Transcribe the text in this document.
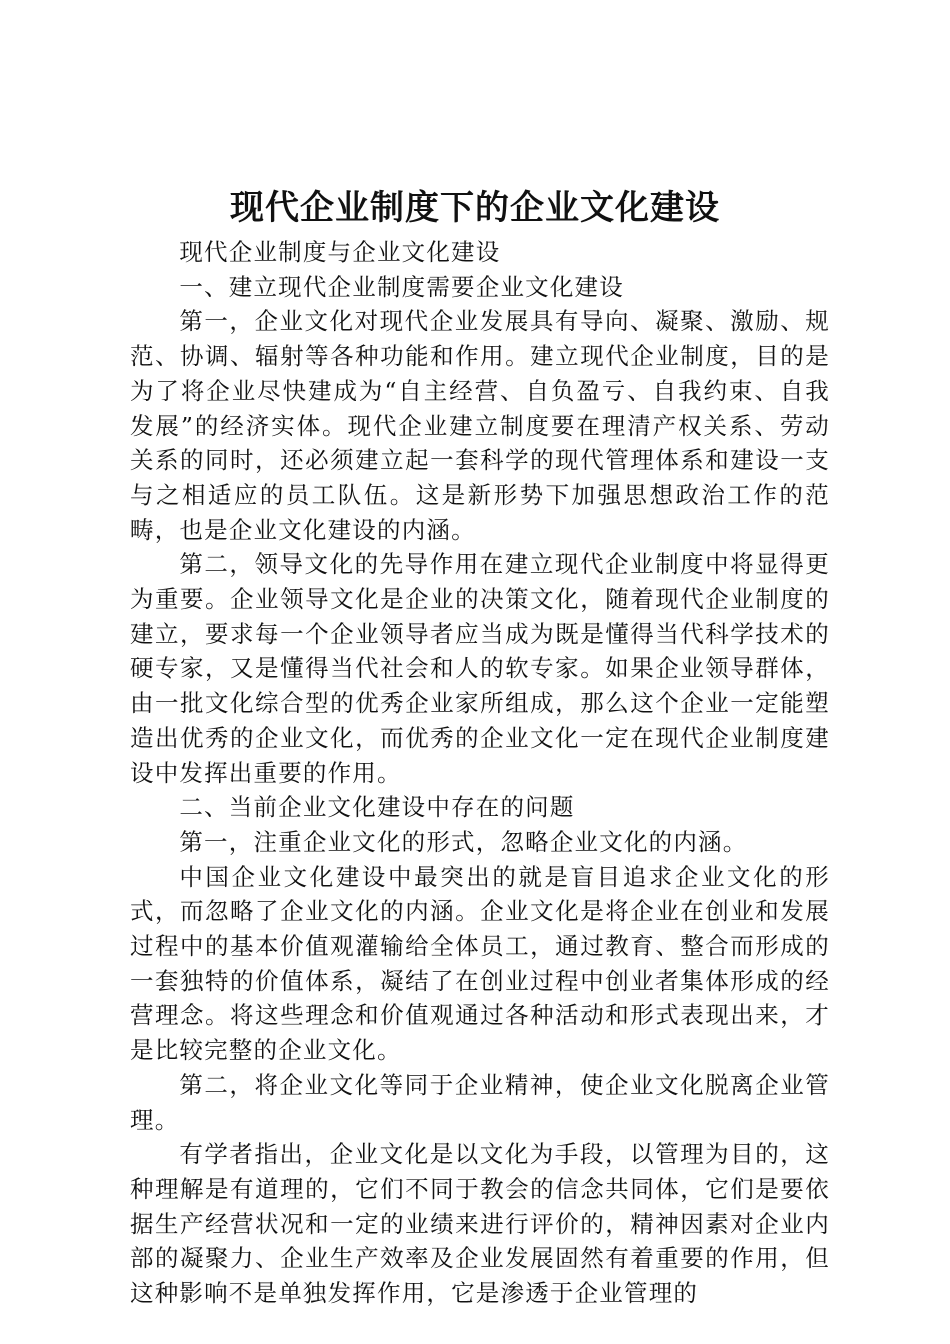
现代企业制度下的企业文化建设

现代企业制度与企业文化建设

一、建立现代企业制度需要企业文化建设

第一，企业文化对现代企业发展具有导向、凝聚、激励、规范、协调、辐射等各种功能和作用。建立现代企业制度，目的是为了将企业尽快建成为“自主经营、自负盈亏、自我约束、自我发展”的经济实体。现代企业建立制度要在理清产权关系、劳动关系的同时，还必须建立起一套科学的现代管理体系和建设一支与之相适应的员工队伍。这是新形势下加强思想政治工作的范畴，也是企业文化建设的内涵。

第二，领导文化的先导作用在建立现代企业制度中将显得更为重要。企业领导文化是企业的决策文化，随着现代企业制度的建立，要求每一个企业领导者应当成为既是懂得当代科学技术的硬专家，又是懂得当代社会和人的软专家。如果企业领导群体，由一批文化综合型的优秀企业家所组成，那么这个企业一定能塑造出优秀的企业文化，而优秀的企业文化一定在现代企业制度建设中发挥出重要的作用。

二、当前企业文化建设中存在的问题

第一，注重企业文化的形式，忽略企业文化的内涵。

中国企业文化建设中最突出的就是盲目追求企业文化的形式，而忽略了企业文化的内涵。企业文化是将企业在创业和发展过程中的基本价值观灌输给全体员工，通过教育、整合而形成的一套独特的价值体系，凝结了在创业过程中创业者集体形成的经营理念。将这些理念和价值观通过各种活动和形式表现出来，才是比较完整的企业文化。

第二，将企业文化等同于企业精神，使企业文化脱离企业管理。

有学者指出，企业文化是以文化为手段，以管理为目的，这种理解是有道理的，它们不同于教会的信念共同体，它们是要依据生产经营状况和一定的业绩来进行评价的，精神因素对企业内部的凝聚力、企业生产效率及企业发展固然有着重要的作用，但这种影响不是单独发挥作用，它是渗透于企业管理的
